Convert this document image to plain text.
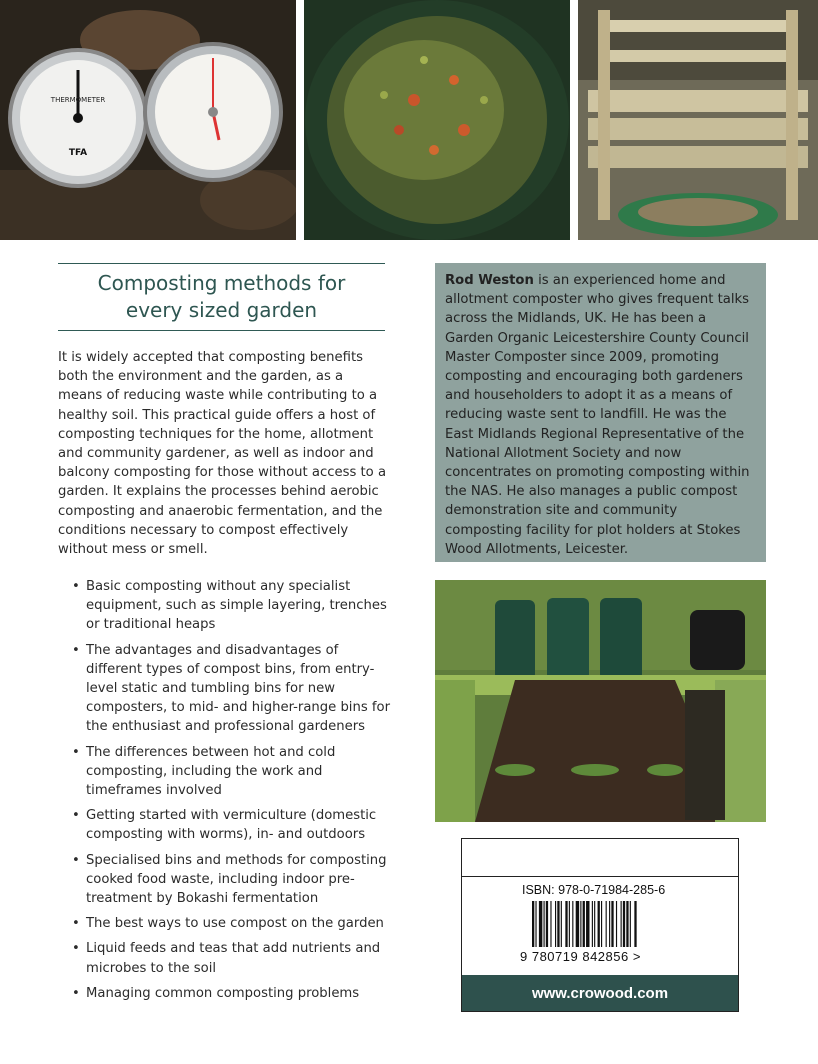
THERMOMETER
TFA
Composting methods for
every sized garden

It is widely accepted that composting benefits both the environment and the garden, as a means of reducing waste while contributing to a healthy soil. This practical guide offers a host of composting techniques for the home, allotment and community gardener, as well as indoor and balcony composting for those without access to a garden. It explains the processes behind aerobic composting and anaerobic fermentation, and the conditions necessary to compost effectively without mess or smell.

• Basic composting without any specialist equipment, such as simple layering, trenches or traditional heaps
• The advantages and disadvantages of different types of compost bins, from entry-level static and tumbling bins for new composters, to mid- and higher-range bins for the enthusiast and professional gardeners
• The differences between hot and cold composting, including the work and timeframes involved
• Getting started with vermiculture (domestic composting with worms), in- and outdoors
• Specialised bins and methods for composting cooked food waste, including indoor pre-treatment by Bokashi fermentation
• The best ways to use compost on the garden
• Liquid feeds and teas that add nutrients and microbes to the soil
• Managing common composting problems
Rod Weston is an experienced home and allotment composter who gives frequent talks across the Midlands, UK. He has been a Garden Organic Leicestershire County Council Master Composter since 2009, promoting composting and encouraging both gardeners and householders to adopt it as a means of reducing waste sent to landfill. He was the East Midlands Regional Representative of the National Allotment Society and now concentrates on promoting composting within the NAS. He also manages a public compost demonstration site and community composting facility for plot holders at Stokes Wood Allotments, Leicester.
ISBN: 978-0-71984-285-6
9 780719 842856 >
www.crowood.com
